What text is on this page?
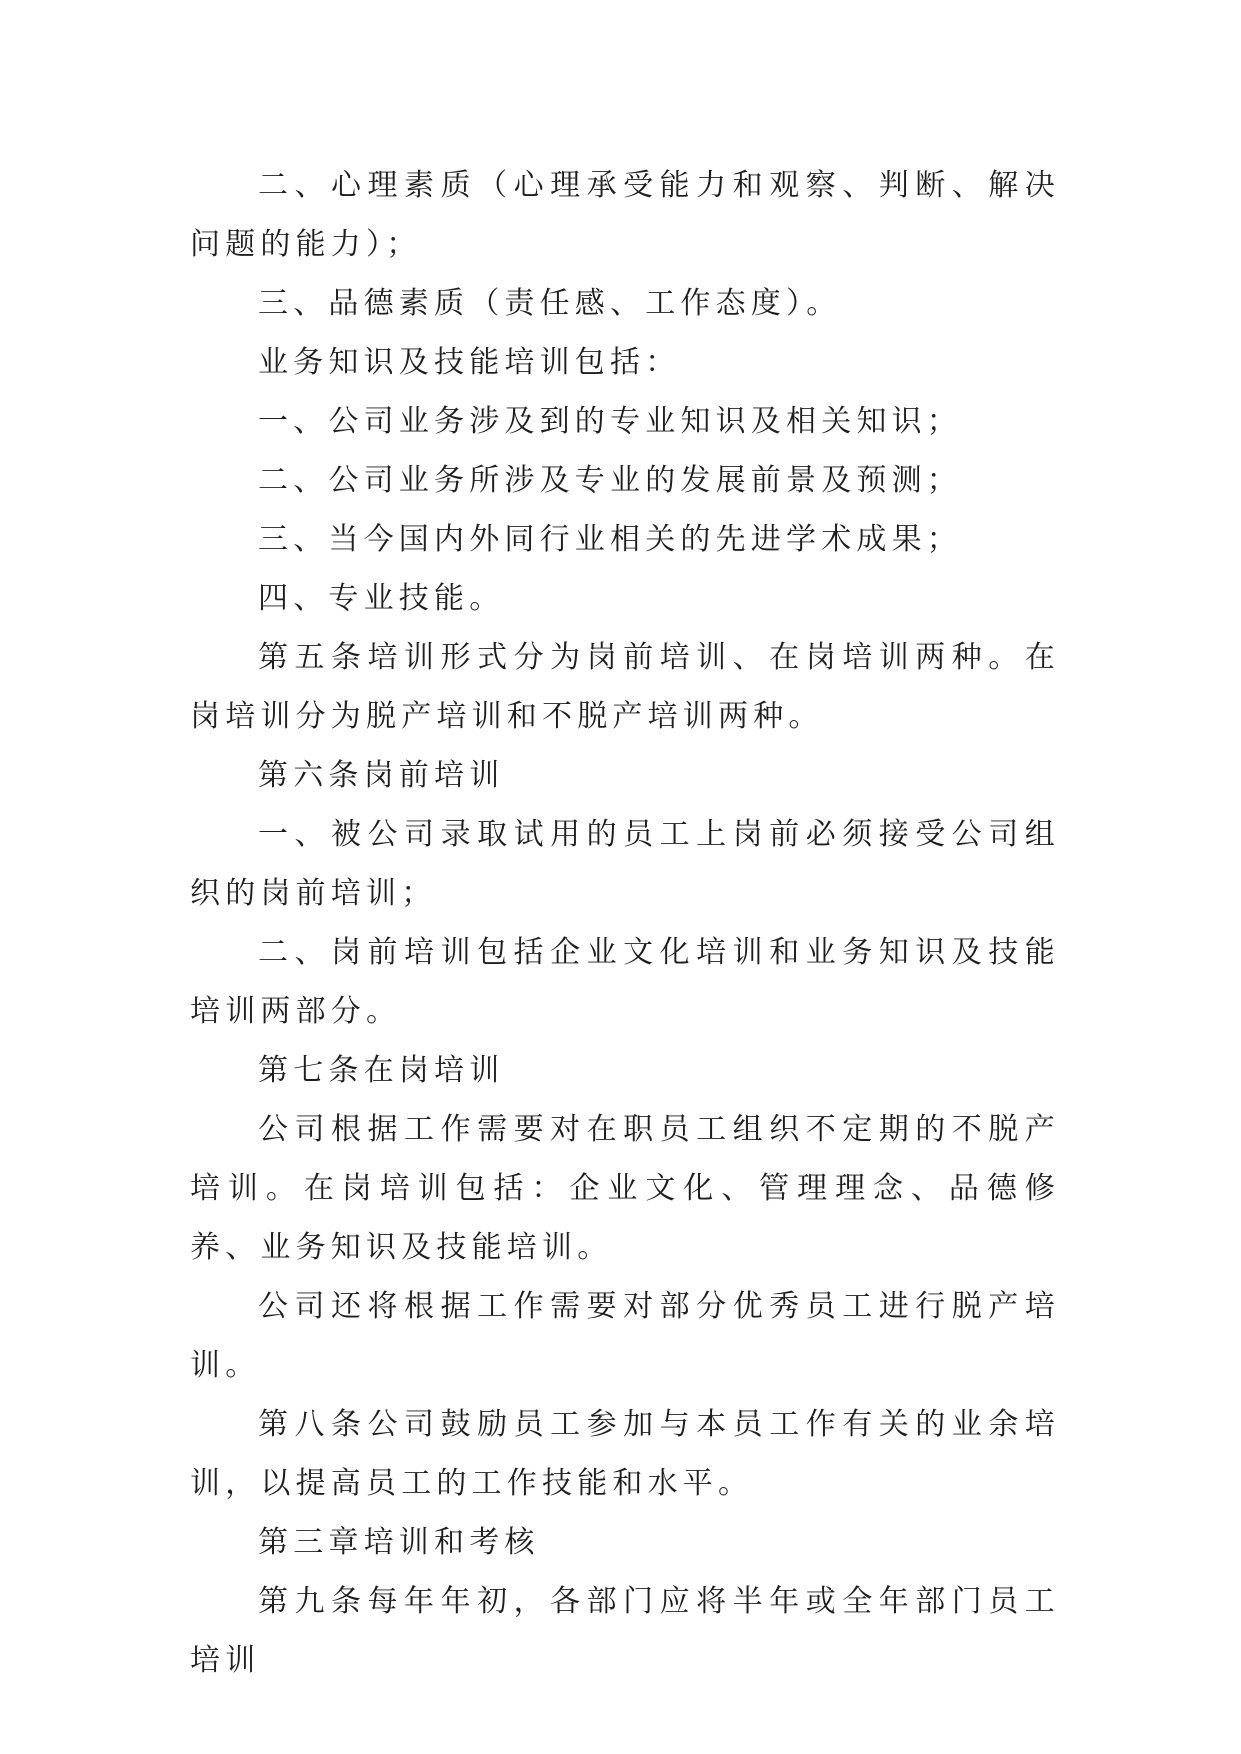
二、心理素质（心理承受能力和观察、判断、解决问题的能力）；

三、品德素质（责任感、工作态度）。

业务知识及技能培训包括：

一、公司业务涉及到的专业知识及相关知识；

二、公司业务所涉及专业的发展前景及预测；

三、当今国内外同行业相关的先进学术成果；

四、专业技能。

第五条培训形式分为岗前培训、在岗培训两种。在岗培训分为脱产培训和不脱产培训两种。

第六条岗前培训

一、被公司录取试用的员工上岗前必须接受公司组织的岗前培训；

二、岗前培训包括企业文化培训和业务知识及技能培训两部分。

第七条在岗培训

公司根据工作需要对在职员工组织不定期的不脱产培训。在岗培训包括：企业文化、管理理念、品德修养、业务知识及技能培训。

公司还将根据工作需要对部分优秀员工进行脱产培训。

第八条公司鼓励员工参加与本员工作有关的业余培训，以提高员工的工作技能和水平。

第三章培训和考核

第九条每年年初，各部门应将半年或全年部门员工培训
